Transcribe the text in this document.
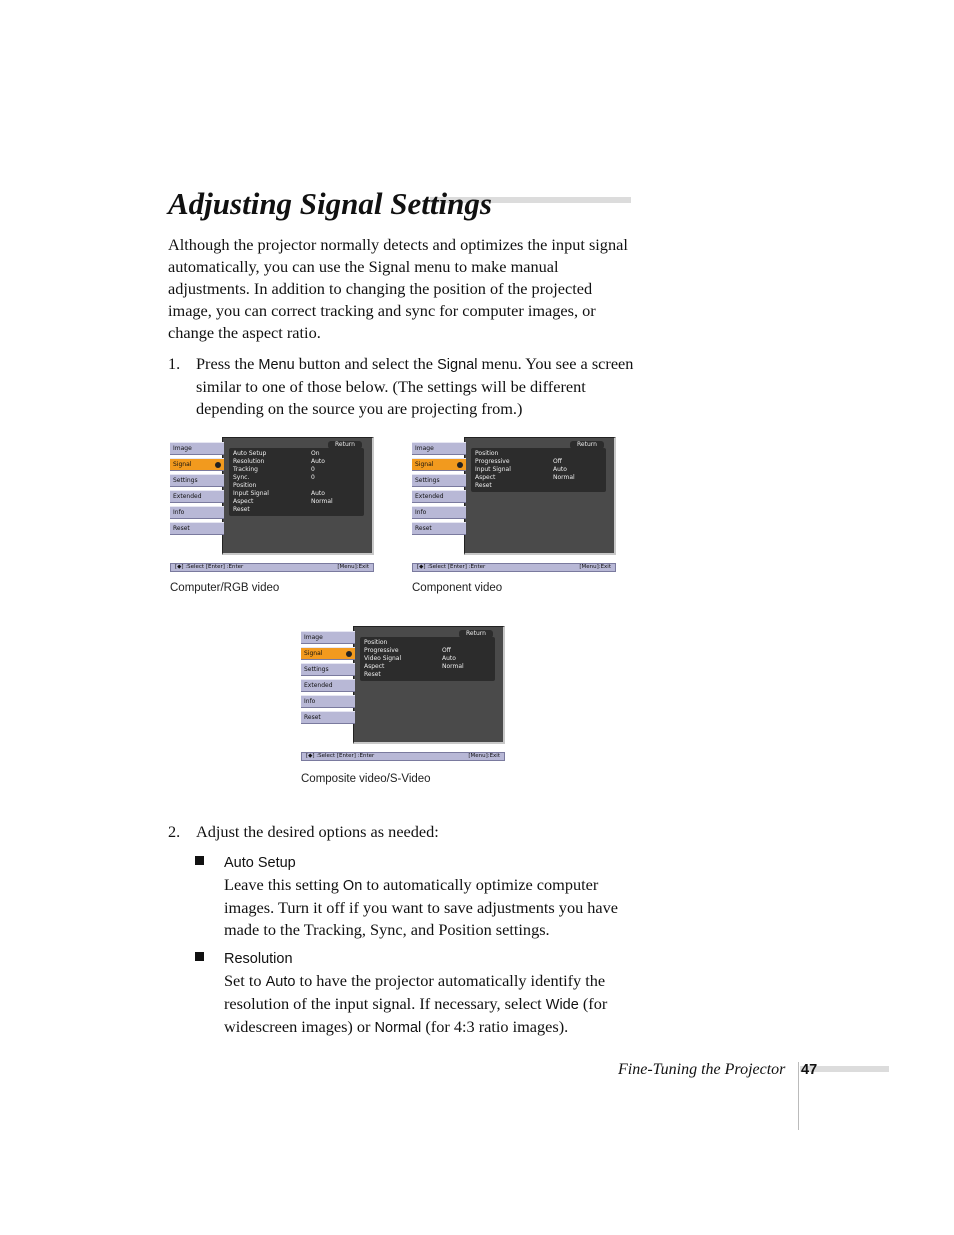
Adjusting Signal Settings

Although the projector normally detects and optimizes the input signal automatically, you can use the Signal menu to make manual adjustments. In addition to changing the position of the projected image, you can correct tracking and sync for computer images, or change the aspect ratio.

1. Press the Menu button and select the Signal menu. You see a screen similar to one of those below. (The settings will be different depending on the source you are projecting from.)

Return
Auto Setup	On
Resolution	Auto
Tracking	0
Sync.	0
Position
Input Signal	Auto
Aspect	Normal
Reset
Image
Signal
Settings
Extended
Info
Reset
[◆] :Select [Enter] :Enter	[Menu]:Exit
Computer/RGB video
Return
Position
Progressive	Off
Input Signal	Auto
Aspect	Normal
Reset
Image
Signal
Settings
Extended
Info
Reset
[◆] :Select [Enter] :Enter	[Menu]:Exit
Component video
Return
Position
Progressive	Off
Video Signal	Auto
Aspect	Normal
Reset
Image
Signal
Settings
Extended
Info
Reset
[◆] :Select [Enter] :Enter	[Menu]:Exit
Composite video/S-Video
2. Adjust the desired options as needed:

Auto Setup

Leave this setting On to automatically optimize computer images. Turn it off if you want to save adjustments you have made to the Tracking, Sync, and Position settings.

Resolution

Set to Auto to have the projector automatically identify the resolution of the input signal. If necessary, select Wide (for widescreen images) or Normal (for 4:3 ratio images).

Fine-Tuning the Projector 47
